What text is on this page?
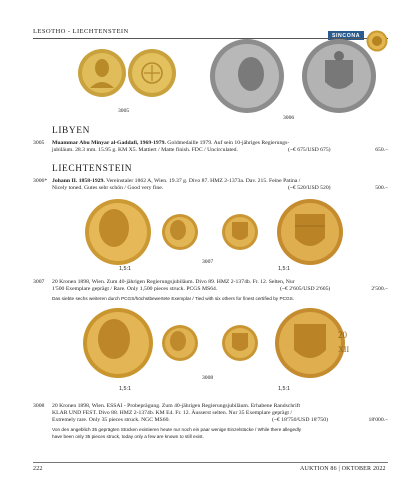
LESOTHO - LIECHTENSTEIN
SINCONA
3005
3006
LIBYEN
3005 Muammar Abu Minyar al-Gaddafi, 1969-1979. Goldmedaille 1979. Auf sein 10-jähriges Regierungs-
jubiläum. 28.3 mm. 15.95 g. KM X5. Mattiert / Matte finish. FDC / Uncirculated.	(~€ 675/USD 675)	650.–
LIECHTENSTEIN
3006* Johann II. 1858-1929. Vereinstaler 1862 A, Wien. 19.37 g. Divo 87. HMZ 2-1373a. Dav. 215. Feine Patina /
Nicely toned. Gutes sehr schön / Good very fine.	(~€ 520/USD 520)	500.–
3007
1,5:1	1,5:1
3007 20 Kronen 1898, Wien. Zum 40-jährigen Regierungsjubiläum. Divo 89. HMZ 2-1374b. Fr. 12. Selten, Nur
1'500 Exemplare geprägt / Rare. Only 1,500 pieces struck. PCGS MS64.	(~€ 2'605/USD 2'605)	2'500.–
Das siebte sechs weiteren durch PCGS/höchstbewertete Exemplar / Tied with six others for finest certified by PCGS.
20
XII
3008
1,5:1	1,5:1
3008 20 Kronen 1898, Wien. ESSAI - Probeprägung. Zum 40-jährigen Regierungsjubiläum. Erhabene Randschrift
KLAR UND FEST. Divo 88. HMZ 2-1374b. KM E4. Fr. 12. Äusserst selten. Nur 35 Exemplare geprägt /
Extremely rare. Only 35 pieces struck. NGC MS60.	(~€ 18'750/USD 18'750)	18'000.–
Von den angeblich 35 geprägten Stücken existieren heute nur noch ein paar wenige Einzelstücke / While there allegedly
have been only 35 pieces struck, today only a few are known to still exist.
222	AUKTION 86 | OKTOBER 2022
